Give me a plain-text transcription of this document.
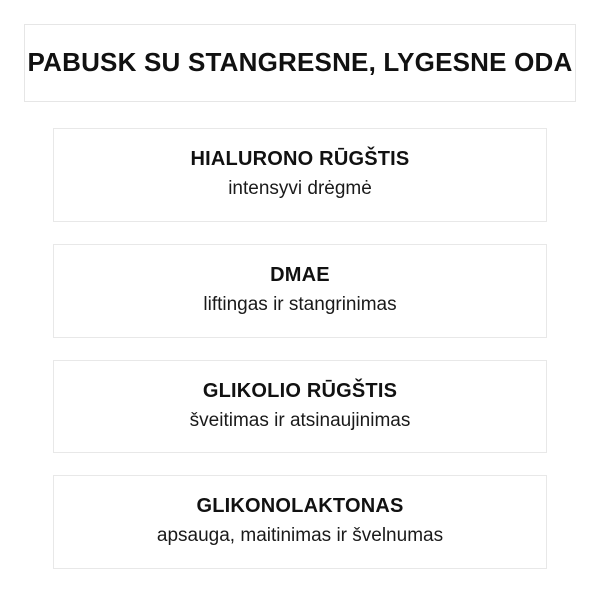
PABUSK SU STANGRESNE, LYGESNE ODA
HIALURONO RŪGŠTIS
intensyvi drėgmė
DMAE
liftingas ir stangrinimas
GLIKOLIO RŪGŠTIS
šveitimas ir atsinaujinimas
GLIKONOLAKTONAS
apsauga, maitinimas ir švelnumas
